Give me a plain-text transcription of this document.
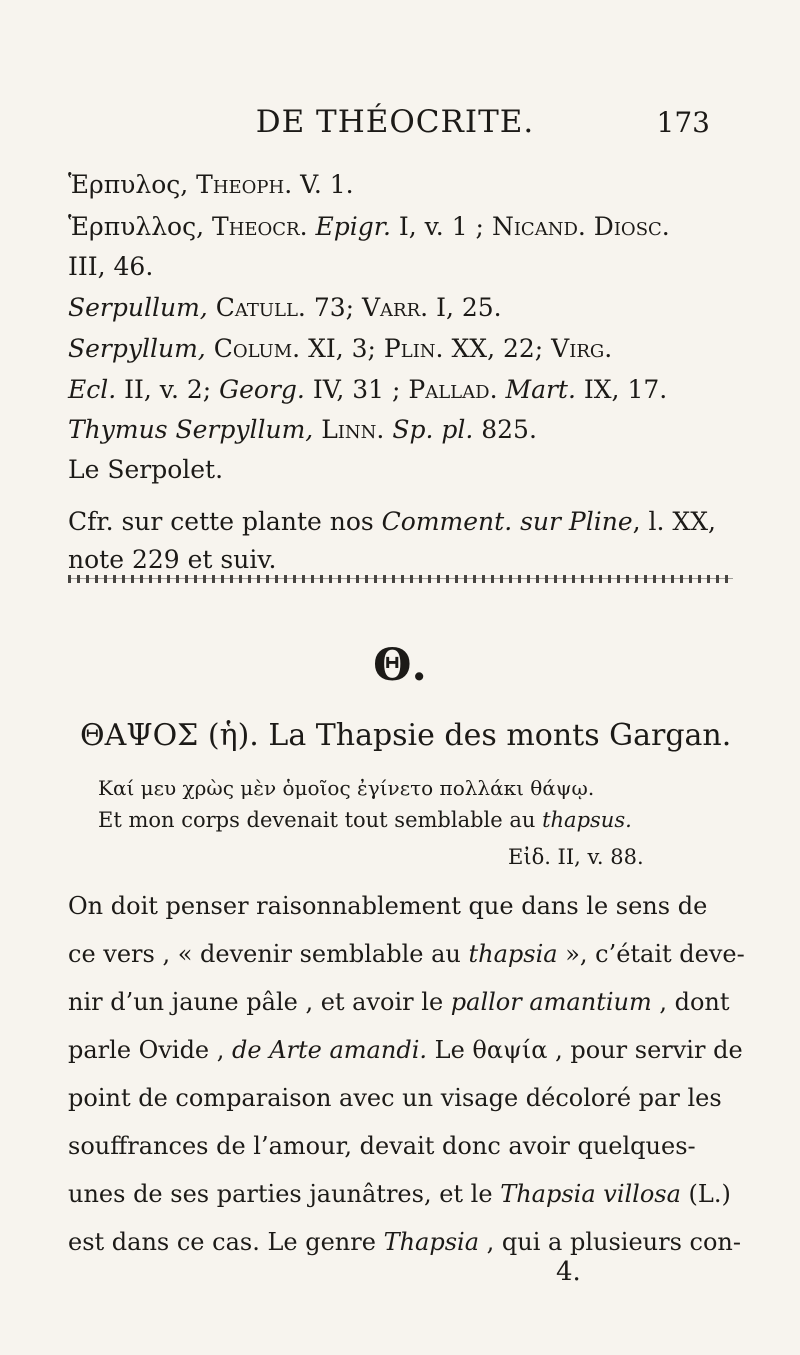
DE THÉOCRITE.	173
Ἑρπυλος, Theoph. V. 1.
Ἑρπυλλος, Theocr. Epigr. I, v. 1 ; Nicand. Diosc.
III, 46.
Serpullum, Catull. 73; Varr. I, 25.
Serpyllum, Colum. XI, 3; Plin. XX, 22; Virg.
Ecl. II, v. 2; Georg. IV, 31 ; Pallad. Mart. IX, 17.
Thymus Serpyllum, Linn. Sp. pl. 825.
Le Serpolet.
Cfr. sur cette plante nos Comment. sur Pline, l. XX,
note 229 et suiv.
Θ.
ΘΑΨΟΣ (ἡ). La Thapsie des monts Gargan.
Καί μευ χρὼς μὲν ὁμοῖος ἐγίνετο πολλάκι θάψῳ.
Et mon corps devenait tout semblable au thapsus.
Εἰδ. II, v. 88.
On doit penser raisonnablement que dans le sens de
ce vers , « devenir semblable au thapsia », c’était deve-
nir d’un jaune pâle , et avoir le pallor amantium , dont
parle Ovide , de Arte amandi. Le θαψία , pour servir de
point de comparaison avec un visage décoloré par les
souffrances de l’amour, devait donc avoir quelques-
unes de ses parties jaunâtres, et le Thapsia villosa (L.)
est dans ce cas. Le genre Thapsia , qui a plusieurs con-
4.
